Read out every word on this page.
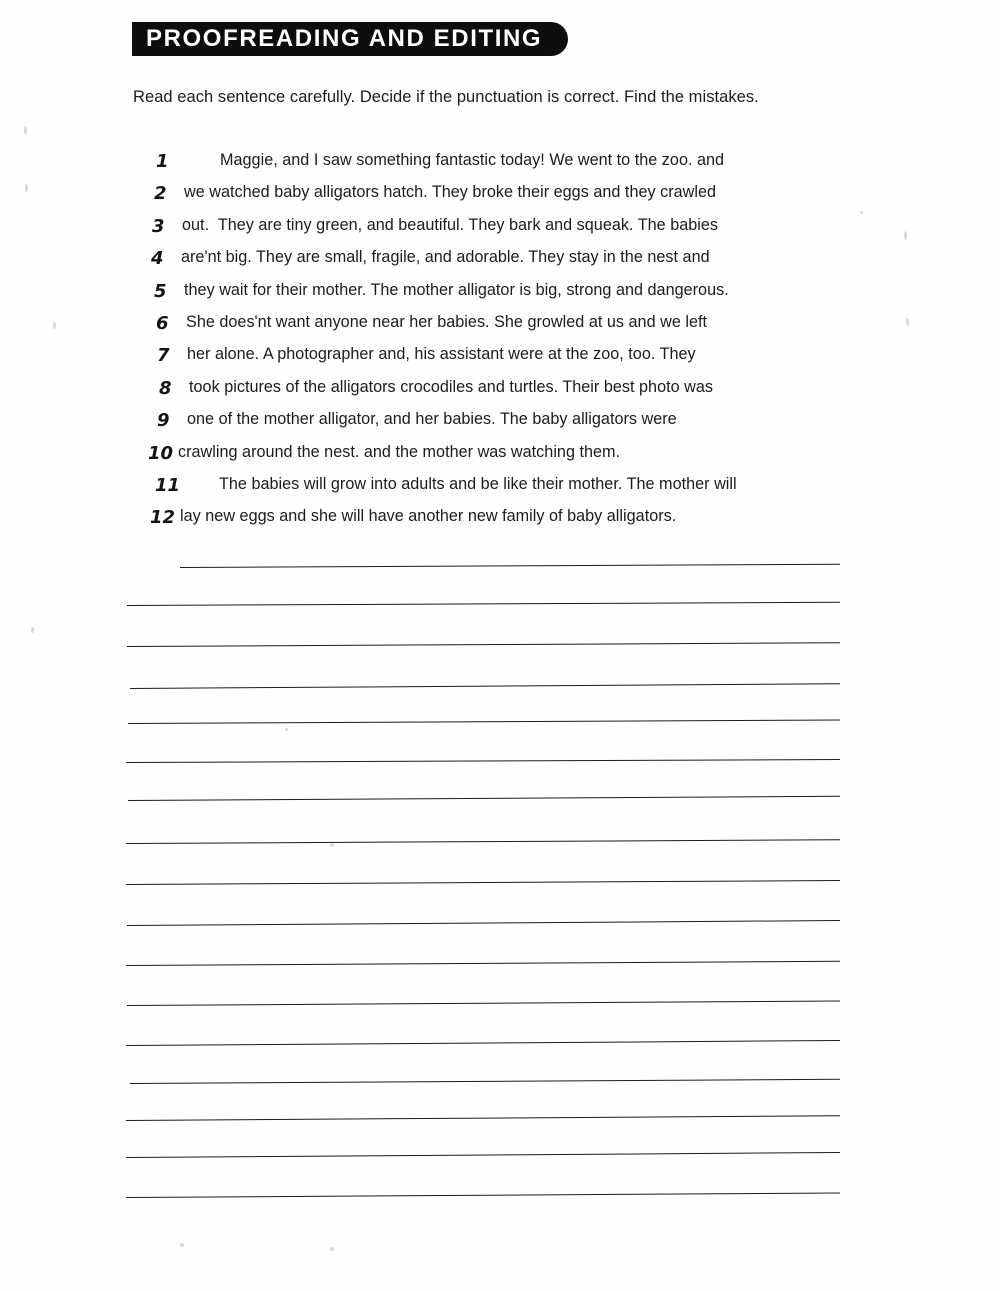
PROOFREADING AND EDITING
Read each sentence carefully. Decide if the punctuation is correct. Find the mistakes.
1	Maggie, and I saw something fantastic today! We went to the zoo. and
2	we watched baby alligators hatch. They broke their eggs and they crawled
3	out.  They are tiny green, and beautiful. They bark and squeak. The babies
4	are'nt big. They are small, fragile, and adorable. They stay in the nest and
5	they wait for their mother. The mother alligator is big, strong and dangerous.
6	She does'nt want anyone near her babies. She growled at us and we left
7	her alone. A photographer and, his assistant were at the zoo, too. They
8	took pictures of the alligators crocodiles and turtles. Their best photo was
9	one of the mother alligator, and her babies. The baby alligators were
10 crawling around the nest. and the mother was watching them.
11	The babies will grow into adults and be like their mother. The mother will
12 lay new eggs and she will have another new family of baby alligators.
